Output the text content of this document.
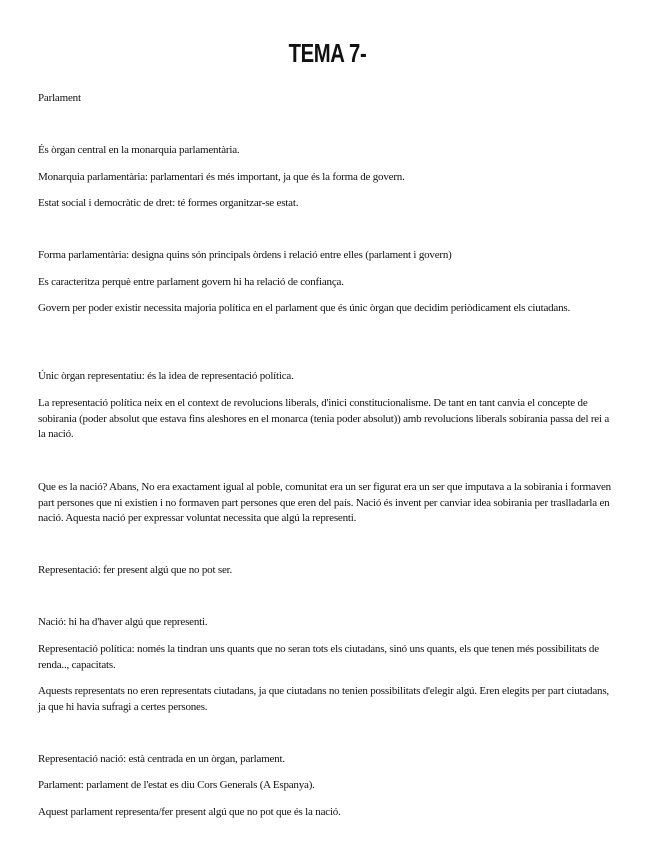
TEMA 7-

Parlament

És òrgan central en la monarquia parlamentària.

Monarquia parlamentària: parlamentari és més important, ja que és la forma de govern.

Estat social i democràtic de dret: té formes organitzar-se estat.

Forma parlamentària: designa quins són principals òrdens i relació entre elles (parlament i govern)

Es caracteritza perquè entre parlament govern hi ha relació de confiança.

Govern per poder existir necessita majoria política en el parlament que és únic òrgan que decidim periòdicament els ciutadans.

Únic òrgan representatiu: és la idea de representació política.

La representació política neix en el context de revolucions liberals, d'inici constitucionalisme. De tant en tant canvia el concepte de sobirania (poder absolut que estava fins aleshores en el monarca (tenia poder absolut)) amb revolucions liberals sobirania passa del rei a la nació.

Que es la nació? Abans, No era exactament igual al poble, comunitat era un ser figurat era un ser que imputava a la sobirania i formaven part persones que ni existien i no formaven part persones que eren del país. Nació és invent per canviar idea sobirania per traslladarla en nació. Aquesta nació per expressar voluntat necessita que algú la representi.

Representació: fer present algú que no pot ser.

Nació: hi ha d'haver algú que representi.

Representació política: només la tindran uns quants que no seran tots els ciutadans, sinó uns quants, els que tenen més possibilitats de renda.., capacitats.

Aquests representats no eren representats ciutadans, ja que ciutadans no tenien possibilitats d'elegir algú. Eren elegits per part ciutadans, ja que hi havia sufragi a certes persones.

Representació nació: està centrada en un òrgan, parlament.

Parlament: parlament de l'estat es diu Cors Generals (A Espanya).

Aquest parlament representa/fer present algú que no pot que és la nació.
